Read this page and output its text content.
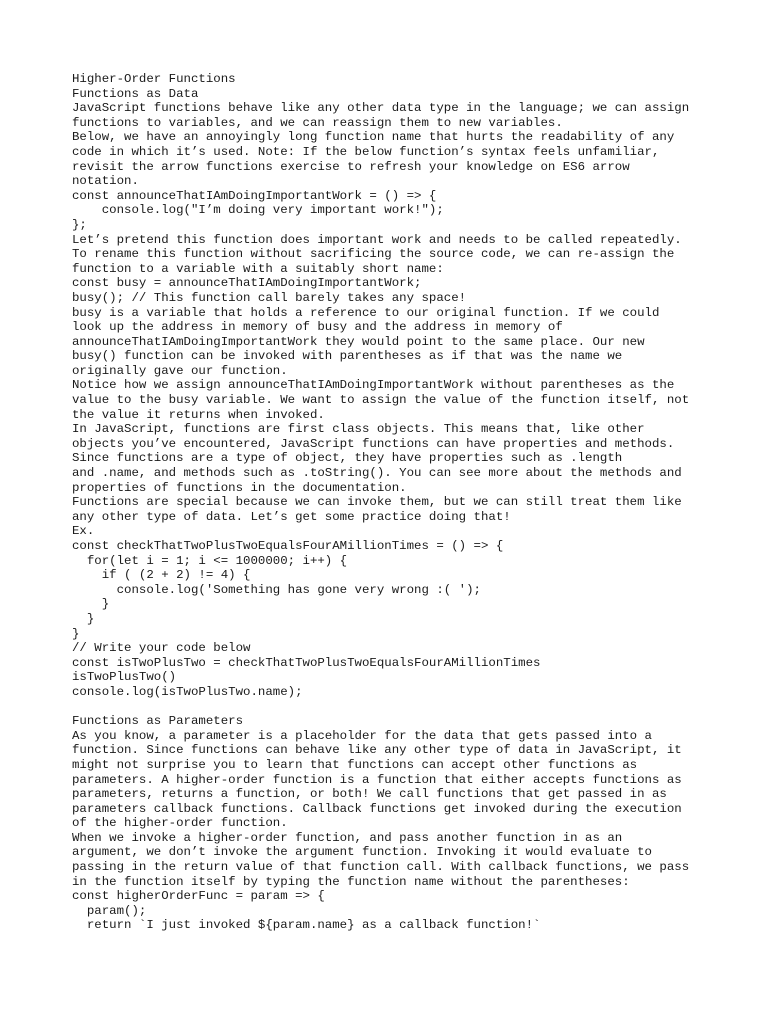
Higher-Order Functions
Functions as Data
JavaScript functions behave like any other data type in the language; we can assign
functions to variables, and we can reassign them to new variables.
Below, we have an annoyingly long function name that hurts the readability of any
code in which it’s used. Note: If the below function’s syntax feels unfamiliar,
revisit the arrow functions exercise to refresh your knowledge on ES6 arrow
notation.
const announceThatIAmDoingImportantWork = () => {
console.log("I’m doing very important work!");
};
Let’s pretend this function does important work and needs to be called repeatedly.
To rename this function without sacrificing the source code, we can re-assign the
function to a variable with a suitably short name:
const busy = announceThatIAmDoingImportantWork;
busy(); // This function call barely takes any space!
busy is a variable that holds a reference to our original function. If we could
look up the address in memory of busy and the address in memory of
announceThatIAmDoingImportantWork they would point to the same place. Our new
busy() function can be invoked with parentheses as if that was the name we
originally gave our function.
Notice how we assign announceThatIAmDoingImportantWork without parentheses as the
value to the busy variable. We want to assign the value of the function itself, not
the value it returns when invoked.
In JavaScript, functions are first class objects. This means that, like other
objects you’ve encountered, JavaScript functions can have properties and methods.
Since functions are a type of object, they have properties such as .length
and .name, and methods such as .toString(). You can see more about the methods and
properties of functions in the documentation.
Functions are special because we can invoke them, but we can still treat them like
any other type of data. Let’s get some practice doing that!
Ex.
const checkThatTwoPlusTwoEqualsFourAMillionTimes = () => {
for(let i = 1; i <= 1000000; i++) {
if ( (2 + 2) != 4) {
console.log('Something has gone very wrong :( ');
}
}
}
// Write your code below
const isTwoPlusTwo = checkThatTwoPlusTwoEqualsFourAMillionTimes
isTwoPlusTwo()
console.log(isTwoPlusTwo.name);
Functions as Parameters
As you know, a parameter is a placeholder for the data that gets passed into a
function. Since functions can behave like any other type of data in JavaScript, it
might not surprise you to learn that functions can accept other functions as
parameters. A higher-order function is a function that either accepts functions as
parameters, returns a function, or both! We call functions that get passed in as
parameters callback functions. Callback functions get invoked during the execution
of the higher-order function.
When we invoke a higher-order function, and pass another function in as an
argument, we don’t invoke the argument function. Invoking it would evaluate to
passing in the return value of that function call. With callback functions, we pass
in the function itself by typing the function name without the parentheses:
const higherOrderFunc = param => {
param();
return `I just invoked ${param.name} as a callback function!`
